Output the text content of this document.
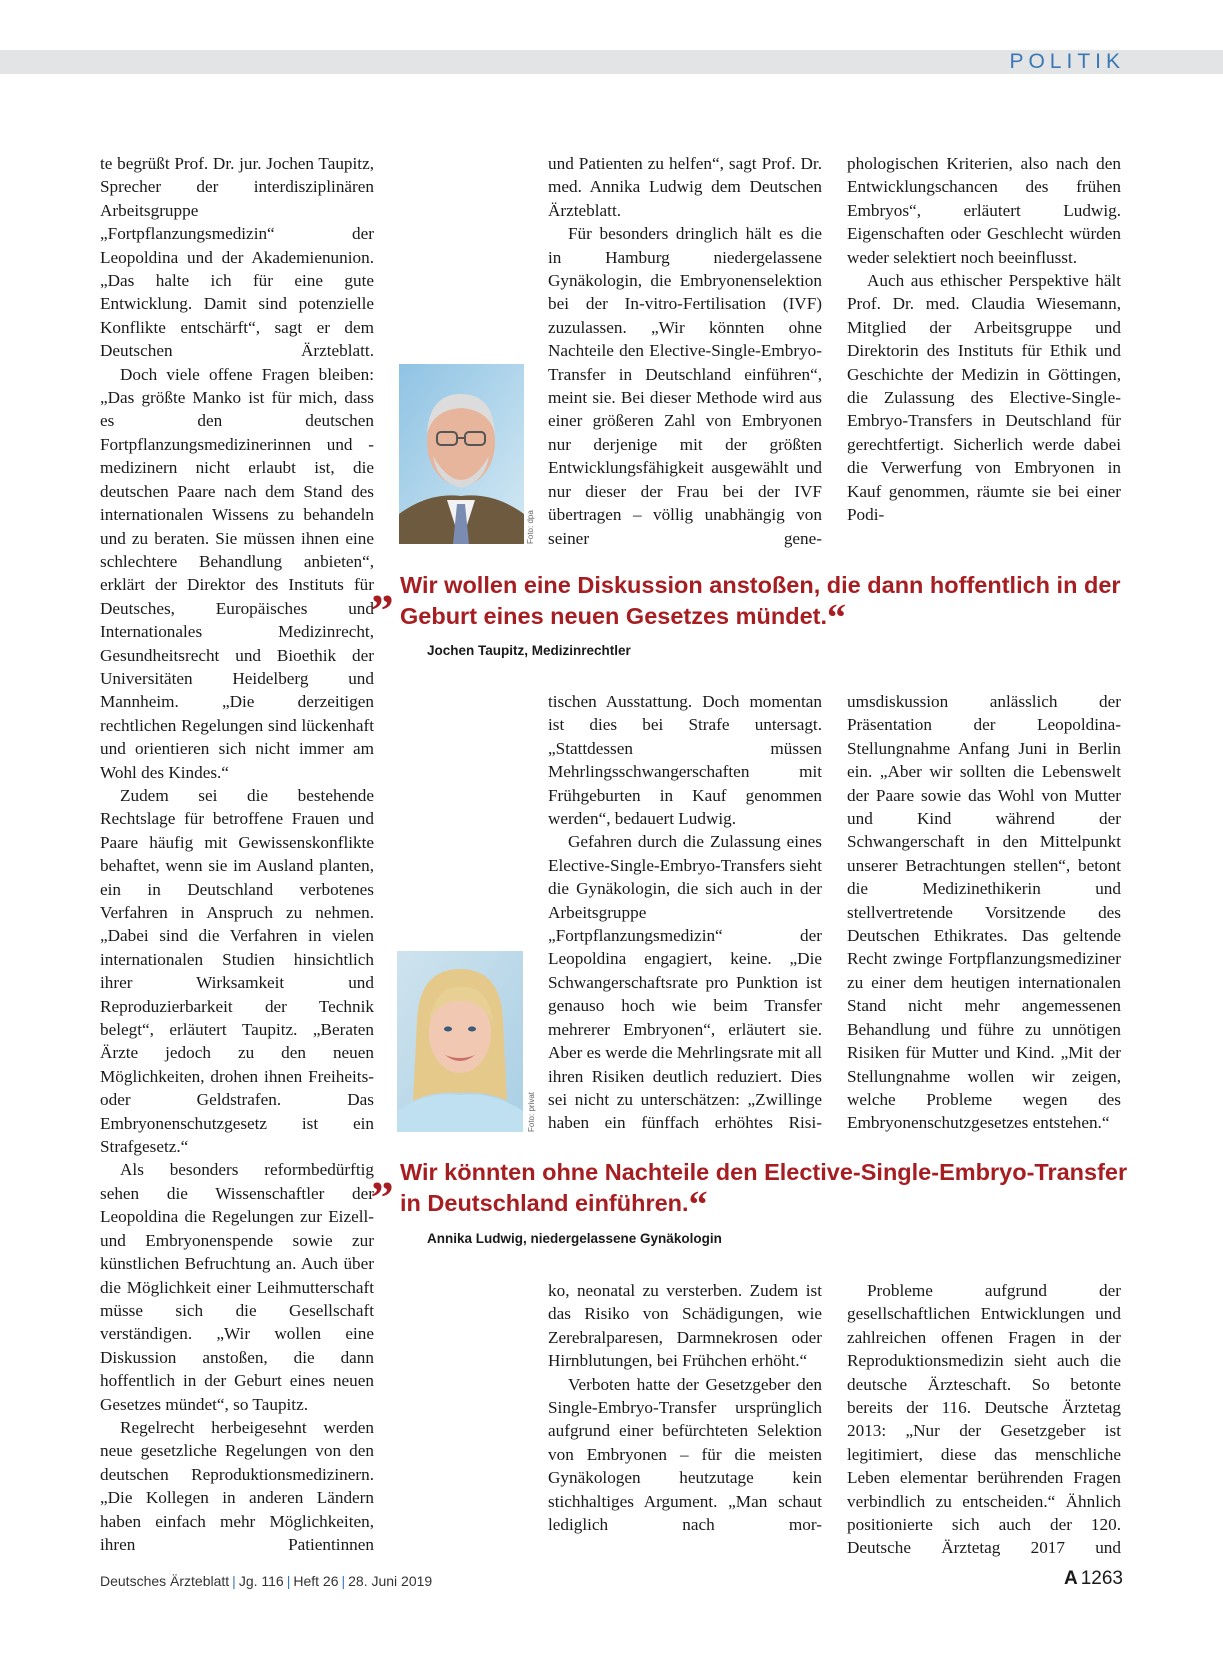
POLITIK

te begrüßt Prof. Dr. jur. Jochen Taupitz, Sprecher der interdisziplinären Arbeitsgruppe „Fortpflanzungsmedizin“ der Leopoldina und der Akademienunion. „Das halte ich für eine gute Entwicklung. Damit sind potenzielle Konflikte entschärft“, sagt er dem Deutschen Ärzteblatt.

Doch viele offene Fragen bleiben: „Das größte Manko ist für mich, dass es den deutschen Fortpflanzungsmedizinerinnen und -medizinern nicht erlaubt ist, die deutschen Paare nach dem Stand des internationalen Wissens zu behandeln und zu beraten. Sie müssen ihnen eine schlechtere Behandlung anbieten“, erklärt der Direktor des Instituts für Deutsches, Europäisches und Internationales Medizinrecht, Gesundheitsrecht und Bioethik der Universitäten Heidelberg und Mannheim. „Die derzeitigen rechtlichen Regelungen sind lückenhaft und orientieren sich nicht immer am Wohl des Kindes.“

Zudem sei die bestehende Rechtslage für betroffene Frauen und Paare häufig mit Gewissenskonflikte behaftet, wenn sie im Ausland planten, ein in Deutschland verbotenes Verfahren in Anspruch zu nehmen. „Dabei sind die Verfahren in vielen internationalen Studien hinsichtlich ihrer Wirksamkeit und Reproduzierbarkeit der Technik belegt“, erläutert Taupitz. „Beraten Ärzte jedoch zu den neuen Möglichkeiten, drohen ihnen Freiheits- oder Geldstrafen. Das Embryonenschutzgesetz ist ein Strafgesetz.“

Als besonders reformbedürftig sehen die Wissenschaftler der Leopoldina die Regelungen zur Eizell- und Embryonenspende sowie zur künstlichen Befruchtung an. Auch über die Möglichkeit einer Leihmutterschaft müsse sich die Gesellschaft verständigen. „Wir wollen eine Diskussion anstoßen, die dann hoffentlich in der Geburt eines neuen Gesetzes mündet“, so Taupitz.

Regelrecht herbeigesehnt werden neue gesetzliche Regelungen von den deutschen Reproduktionsmedizinern. „Die Kollegen in anderen Ländern haben einfach mehr Möglichkeiten, ihren Patientinnen

Foto: dpa

und Patienten zu helfen“, sagt Prof. Dr. med. Annika Ludwig dem Deutschen Ärzteblatt.

Für besonders dringlich hält es die in Hamburg niedergelassene Gynäkologin, die Embryonenselektion bei der In-vitro-Fertilisation (IVF) zuzulassen. „Wir könnten ohne Nachteile den Elective-Single-Embryo-Transfer in Deutschland einführen“, meint sie. Bei dieser Methode wird aus einer größeren Zahl von Embryonen nur derjenige mit der größten Entwicklungsfähigkeit ausgewählt und nur dieser der Frau bei der IVF übertragen – völlig unabhängig von seiner gene-

phologischen Kriterien, also nach den Entwicklungschancen des frühen Embryos“, erläutert Ludwig. Eigenschaften oder Geschlecht würden weder selektiert noch beeinflusst.

Auch aus ethischer Perspektive hält Prof. Dr. med. Claudia Wiesemann, Mitglied der Arbeitsgruppe und Direktorin des Instituts für Ethik und Geschichte der Medizin in Göttingen, die Zulassung des Elective-Single-Embryo-Transfers in Deutschland für gerechtfertigt. Sicherlich werde dabei die Verwerfung von Embryonen in Kauf genommen, räumte sie bei einer Podi-

„ Wir wollen eine Diskussion anstoßen, die dann hoffentlich in der Geburt eines neuen Gesetzes mündet.“
Jochen Taupitz, Medizinrechtler

tischen Ausstattung. Doch momentan ist dies bei Strafe untersagt. „Stattdessen müssen Mehrlingsschwangerschaften mit Frühgeburten in Kauf genommen werden“, bedauert Ludwig.

Gefahren durch die Zulassung eines Elective-Single-Embryo-Transfers sieht die Gynäkologin, die sich auch in der Arbeitsgruppe „Fortpflanzungsmedizin“ der Leopoldina engagiert, keine. „Die Schwangerschaftsrate pro Punktion ist genauso hoch wie beim Transfer mehrerer Embryonen“, erläutert sie. Aber es werde die Mehrlingsrate mit all ihren Risiken deutlich reduziert. Dies sei nicht zu unterschätzen: „Zwillinge haben ein fünffach erhöhtes Risi-

umsdiskussion anlässlich der Präsentation der Leopoldina-Stellungnahme Anfang Juni in Berlin ein. „Aber wir sollten die Lebenswelt der Paare sowie das Wohl von Mutter und Kind während der Schwangerschaft in den Mittelpunkt unserer Betrachtungen stellen“, betont die Medizinethikerin und stellvertretende Vorsitzende des Deutschen Ethikrates. Das geltende Recht zwinge Fortpflanzungsmediziner zu einer dem heutigen internationalen Stand nicht mehr angemessenen Behandlung und führe zu unnötigen Risiken für Mutter und Kind. „Mit der Stellungnahme wollen wir zeigen, welche Probleme wegen des Embryonenschutzgesetzes entstehen.“

Foto: privat
„ Wir könnten ohne Nachteile den Elective-Single-Embryo-Transfer in Deutschland einführen.“
Annika Ludwig, niedergelassene Gynäkologin

ko, neonatal zu versterben. Zudem ist das Risiko von Schädigungen, wie Zerebralparesen, Darmnekrosen oder Hirnblutungen, bei Frühchen erhöht.“

Verboten hatte der Gesetzgeber den Single-Embryo-Transfer ursprünglich aufgrund einer befürchteten Selektion von Embryonen – für die meisten Gynäkologen heutzutage kein stichhaltiges Argument. „Man schaut lediglich nach mor-

Probleme aufgrund der gesellschaftlichen Entwicklungen und zahlreichen offenen Fragen in der Reproduktionsmedizin sieht auch die deutsche Ärzteschaft. So betonte bereits der 116. Deutsche Ärztetag 2013: „Nur der Gesetzgeber ist legitimiert, diese das menschliche Leben elementar berührenden Fragen verbindlich zu entscheiden.“ Ähnlich positionierte sich auch der 120. Deutsche Ärztetag 2017 und

Deutsches Ärzteblatt | Jg. 116 | Heft 26 | 28. Juni 2019	A 1263
